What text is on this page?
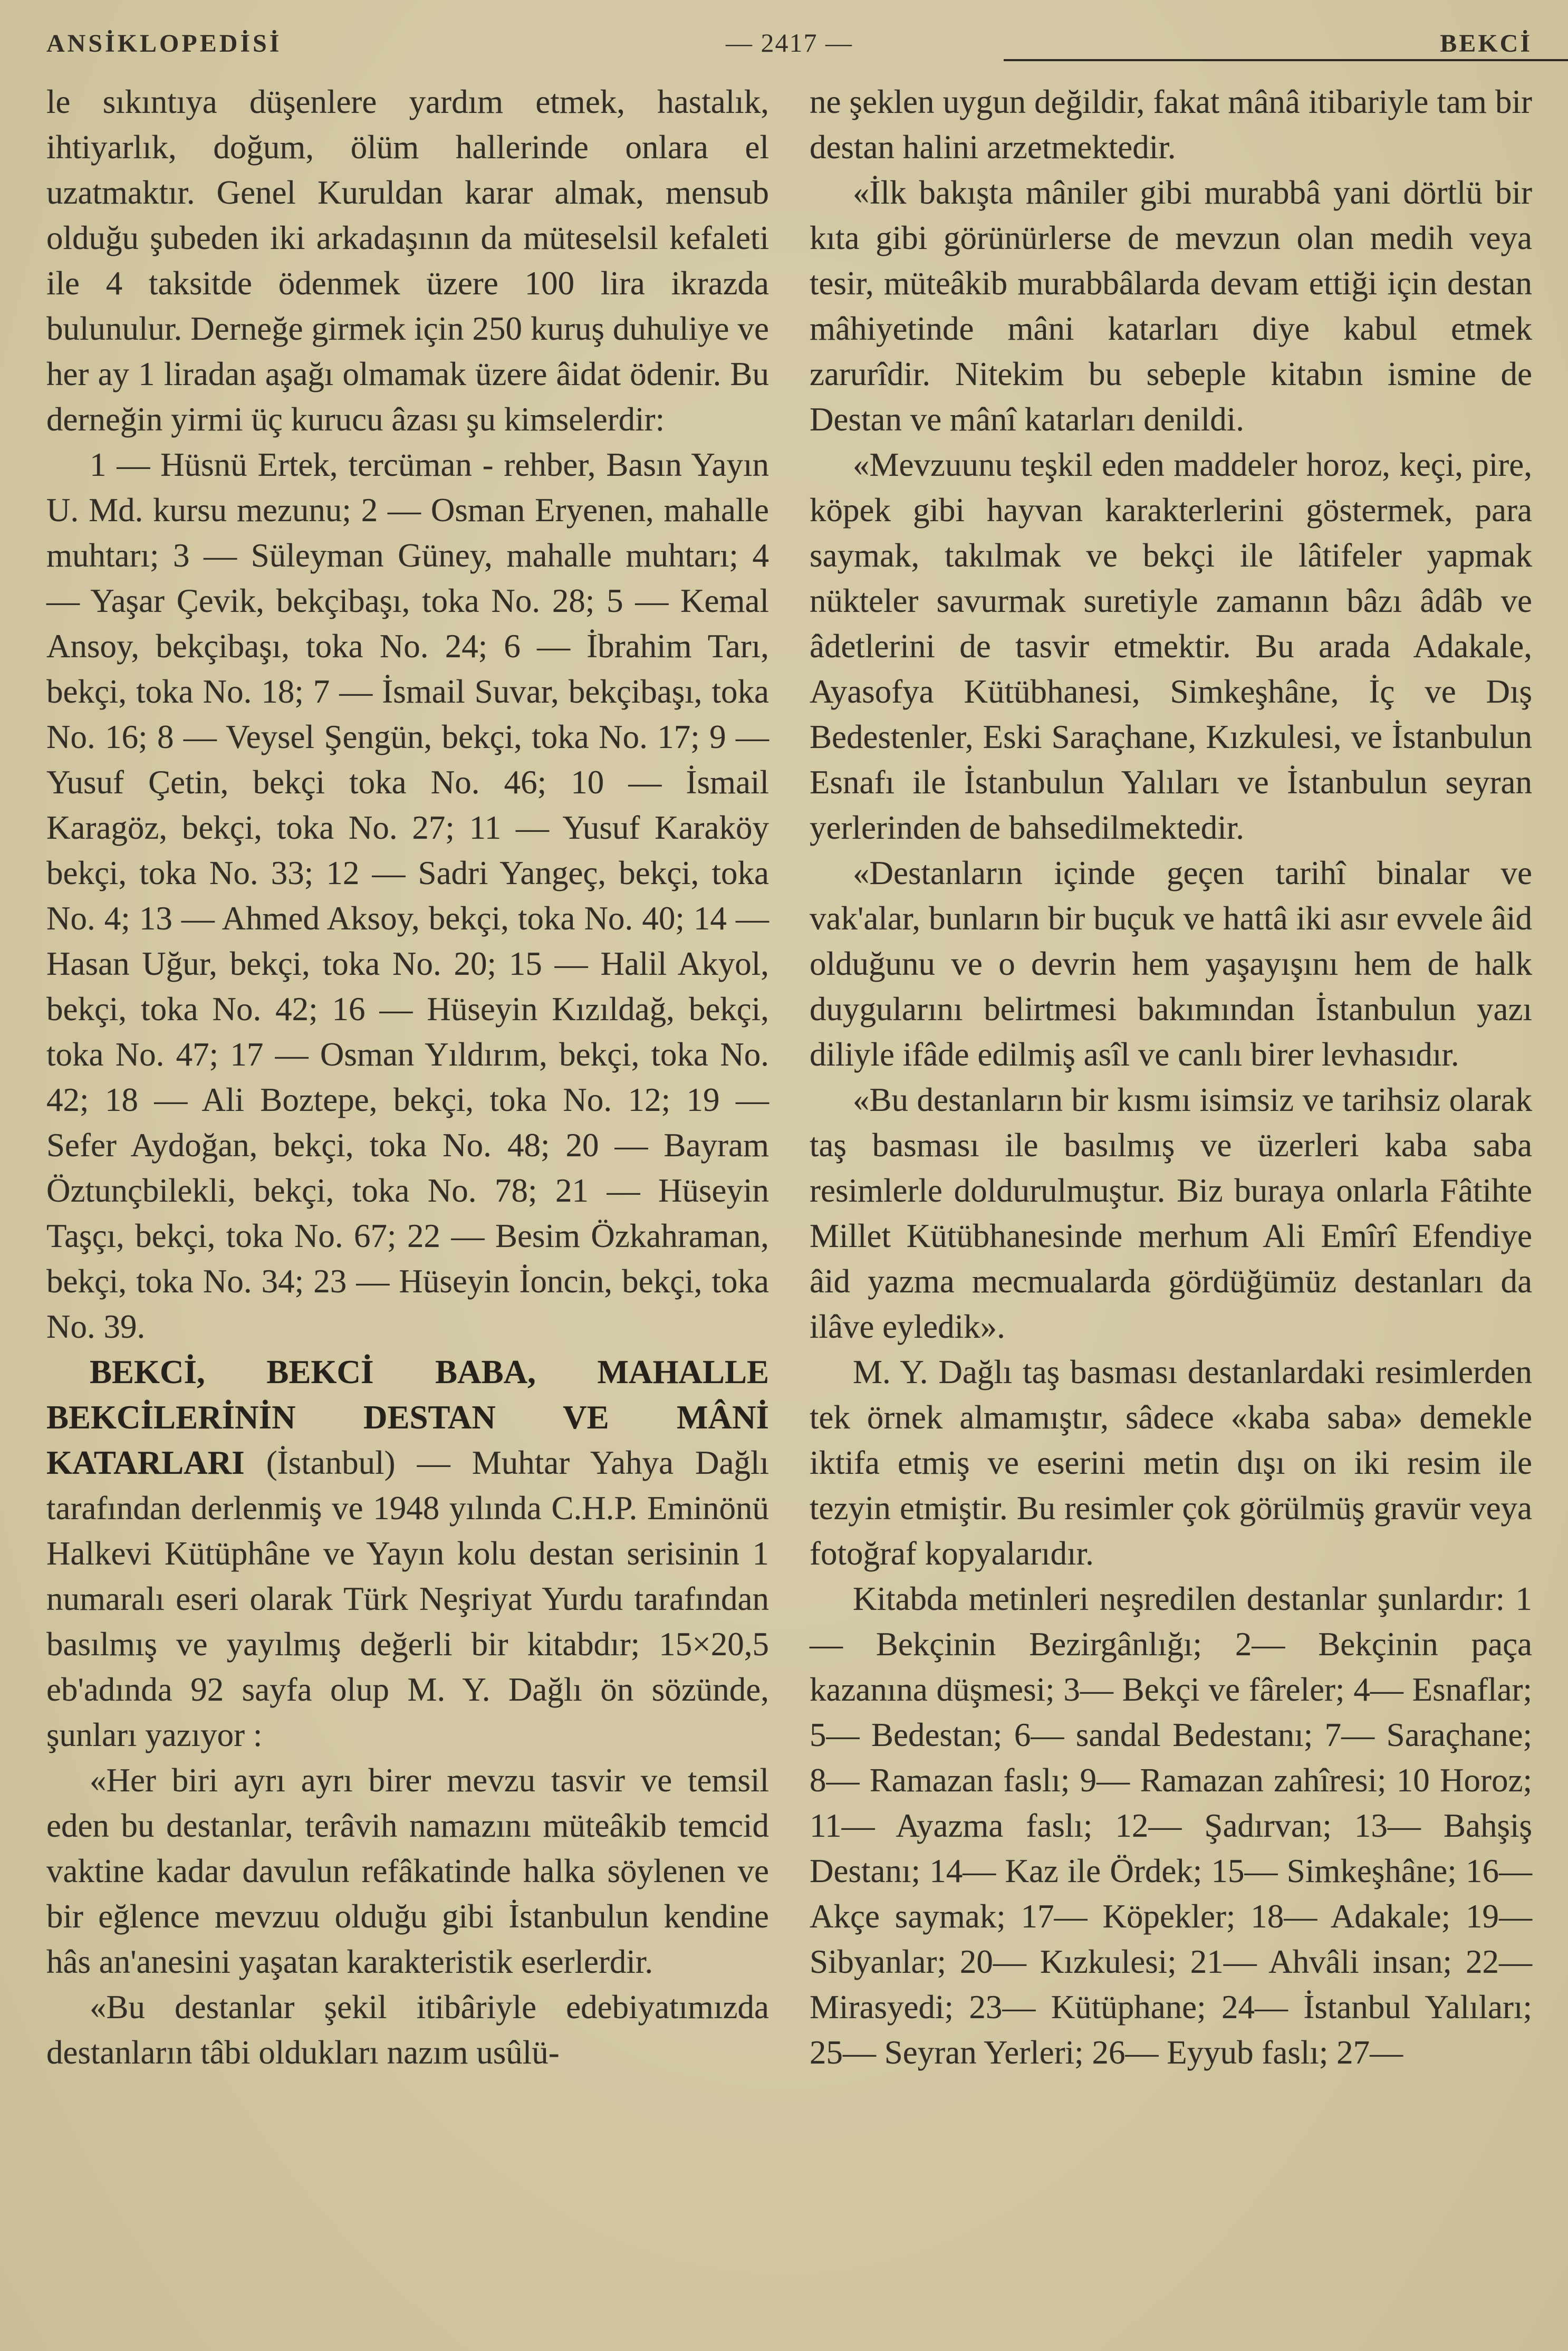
ANSİKLOPEDİSİ	— 2417 —	BEKCİ

le sıkıntıya düşenlere yardım etmek, hastalık, ihtiyarlık, doğum, ölüm hallerinde onlara el uzatmaktır. Genel Kuruldan karar almak, mensub olduğu şubeden iki arkadaşının da müteselsil kefaleti ile 4 taksitde ödenmek üzere 100 lira ikrazda bulunulur. Derneğe girmek için 250 kuruş duhuliye ve her ay 1 liradan aşağı olmamak üzere âidat ödenir. Bu derneğin yirmi üç kurucu âzası şu kimselerdir:

1 — Hüsnü Ertek, tercüman - rehber, Basın Yayın U. Md. kursu mezunu; 2 — Osman Eryenen, mahalle muhtarı; 3 — Süleyman Güney, mahalle muhtarı; 4 — Yaşar Çevik, bekçibaşı, toka No. 28; 5 — Kemal Ansoy, bekçibaşı, toka No. 24; 6 — İbrahim Tarı, bekçi, toka No. 18; 7 — İsmail Suvar, bekçibaşı, toka No. 16; 8 — Veysel Şengün, bekçi, toka No. 17; 9 — Yusuf Çetin, bekçi toka No. 46; 10 — İsmail Karagöz, bekçi, toka No. 27; 11 — Yusuf Karaköy bekçi, toka No. 33; 12 — Sadri Yangeç, bekçi, toka No. 4; 13 — Ahmed Aksoy, bekçi, toka No. 40; 14 — Hasan Uğur, bekçi, toka No. 20; 15 — Halil Akyol, bekçi, toka No. 42; 16 — Hüseyin Kızıldağ, bekçi, toka No. 47; 17 — Osman Yıldırım, bekçi, toka No. 42; 18 — Ali Boztepe, bekçi, toka No. 12; 19 — Sefer Aydoğan, bekçi, toka No. 48; 20 — Bayram Öztunçbilekli, bekçi, toka No. 78; 21 — Hüseyin Taşçı, bekçi, toka No. 67; 22 — Besim Özkahraman, bekçi, toka No. 34; 23 — Hüseyin İoncin, bekçi, toka No. 39.

BEKCİ, BEKCİ BABA, MAHALLE BEKCİLERİNİN DESTAN VE MÂNİ KATARLARI (İstanbul) — Muhtar Yahya Dağlı tarafından derlenmiş ve 1948 yılında C.H.P. Eminönü Halkevi Kütüphâne ve Yayın kolu destan serisinin 1 numaralı eseri olarak Türk Neşriyat Yurdu tarafından basılmış ve yayılmış değerli bir kitabdır; 15×20,5 eb'adında 92 sayfa olup M. Y. Dağlı ön sözünde, şunları yazıyor :

«Her biri ayrı ayrı birer mevzu tasvir ve temsil eden bu destanlar, terâvih namazını müteâkib temcid vaktine kadar davulun refâkatinde halka söylenen ve bir eğlence mevzuu olduğu gibi İstanbulun kendine hâs an'anesini yaşatan karakteristik eserlerdir.

«Bu destanlar şekil itibâriyle edebiyatımızda destanların tâbi oldukları nazım usûlü-

ne şeklen uygun değildir, fakat mânâ itibariyle tam bir destan halini arzetmektedir.

«İlk bakışta mâniler gibi murabbâ yani dörtlü bir kıta gibi görünürlerse de mevzun olan medih veya tesir, müteâkib murabbâlarda devam ettiği için destan mâhiyetinde mâni katarları diye kabul etmek zarurîdir. Nitekim bu sebeple kitabın ismine de Destan ve mânî katarları denildi.

«Mevzuunu teşkil eden maddeler horoz, keçi, pire, köpek gibi hayvan karakterlerini göstermek, para saymak, takılmak ve bekçi ile lâtifeler yapmak nükteler savurmak suretiyle zamanın bâzı âdâb ve âdetlerini de tasvir etmektir. Bu arada Adakale, Ayasofya Kütübhanesi, Simkeşhâne, İç ve Dış Bedestenler, Eski Saraçhane, Kızkulesi, ve İstanbulun Esnafı ile İstanbulun Yalıları ve İstanbulun seyran yerlerinden de bahsedilmektedir.

«Destanların içinde geçen tarihî binalar ve vak'alar, bunların bir buçuk ve hattâ iki asır evvele âid olduğunu ve o devrin hem yaşayışını hem de halk duygularını belirtmesi bakımından İstanbulun yazı diliyle ifâde edilmiş asîl ve canlı birer levhasıdır.

«Bu destanların bir kısmı isimsiz ve tarihsiz olarak taş basması ile basılmış ve üzerleri kaba saba resimlerle doldurulmuştur. Biz buraya onlarla Fâtihte Millet Kütübhanesinde merhum Ali Emîrî Efendiye âid yazma mecmualarda gördüğümüz destanları da ilâve eyledik».

M. Y. Dağlı taş basması destanlardaki resimlerden tek örnek almamıştır, sâdece «kaba saba» demekle iktifa etmiş ve eserini metin dışı on iki resim ile tezyin etmiştir. Bu resimler çok görülmüş gravür veya fotoğraf kopyalarıdır.

Kitabda metinleri neşredilen destanlar şunlardır: 1— Bekçinin Bezirgânlığı; 2— Bekçinin paça kazanına düşmesi; 3— Bekçi ve fâreler; 4— Esnaflar; 5— Bedestan; 6— sandal Bedestanı; 7— Saraçhane; 8— Ramazan faslı; 9— Ramazan zahîresi; 10 Horoz; 11— Ayazma faslı; 12— Şadırvan; 13— Bahşiş Destanı; 14— Kaz ile Ördek; 15— Simkeşhâne; 16— Akçe saymak; 17— Köpekler; 18— Adakale; 19— Sibyanlar; 20— Kızkulesi; 21— Ahvâli insan; 22— Mirasyedi; 23— Kütüphane; 24— İstanbul Yalıları; 25— Seyran Yerleri; 26— Eyyub faslı; 27—
